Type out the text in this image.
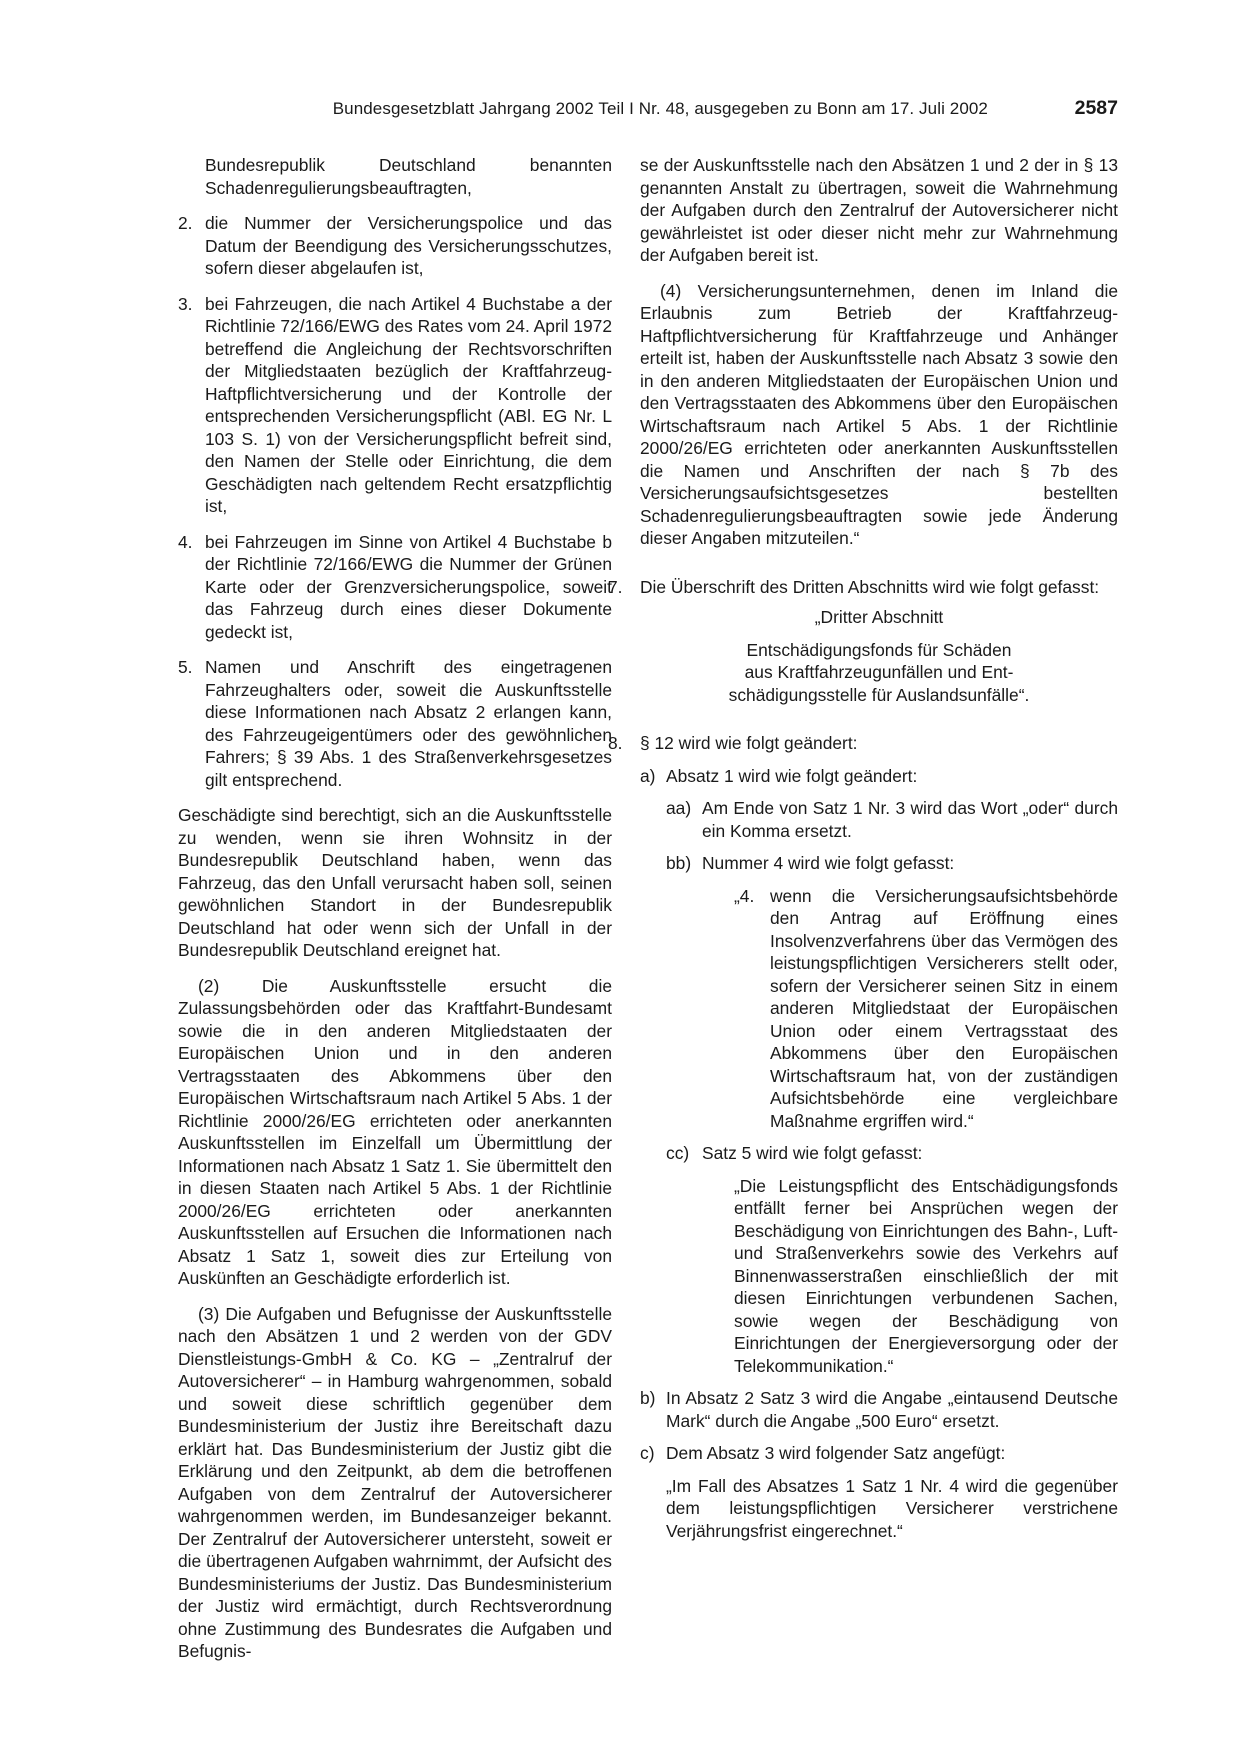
Bundesgesetzblatt Jahrgang 2002 Teil I Nr. 48, ausgegeben zu Bonn am 17. Juli 2002	2587

Bundesrepublik Deutschland benannten Schadenregulierungsbeauftragten,

2. die Nummer der Versicherungspolice und das Datum der Beendigung des Versicherungsschutzes, sofern dieser abgelaufen ist,

3. bei Fahrzeugen, die nach Artikel 4 Buchstabe a der Richtlinie 72/166/EWG des Rates vom 24. April 1972 betreffend die Angleichung der Rechtsvorschriften der Mitgliedstaaten bezüglich der Kraftfahrzeug-Haftpflichtversicherung und der Kontrolle der entsprechenden Versicherungspflicht (ABl. EG Nr. L 103 S. 1) von der Versicherungspflicht befreit sind, den Namen der Stelle oder Einrichtung, die dem Geschädigten nach geltendem Recht ersatzpflichtig ist,

4. bei Fahrzeugen im Sinne von Artikel 4 Buchstabe b der Richtlinie 72/166/EWG die Nummer der Grünen Karte oder der Grenzversicherungspolice, soweit das Fahrzeug durch eines dieser Dokumente gedeckt ist,

5. Namen und Anschrift des eingetragenen Fahrzeughalters oder, soweit die Auskunftsstelle diese Informationen nach Absatz 2 erlangen kann, des Fahrzeugeigentümers oder des gewöhnlichen Fahrers; § 39 Abs. 1 des Straßenverkehrsgesetzes gilt entsprechend.

Geschädigte sind berechtigt, sich an die Auskunftsstelle zu wenden, wenn sie ihren Wohnsitz in der Bundesrepublik Deutschland haben, wenn das Fahrzeug, das den Unfall verursacht haben soll, seinen gewöhnlichen Standort in der Bundesrepublik Deutschland hat oder wenn sich der Unfall in der Bundesrepublik Deutschland ereignet hat.

(2) Die Auskunftsstelle ersucht die Zulassungsbehörden oder das Kraftfahrt-Bundesamt sowie die in den anderen Mitgliedstaaten der Europäischen Union und in den anderen Vertragsstaaten des Abkommens über den Europäischen Wirtschaftsraum nach Artikel 5 Abs. 1 der Richtlinie 2000/26/EG errichteten oder anerkannten Auskunftsstellen im Einzelfall um Übermittlung der Informationen nach Absatz 1 Satz 1. Sie übermittelt den in diesen Staaten nach Artikel 5 Abs. 1 der Richtlinie 2000/26/EG errichteten oder anerkannten Auskunftsstellen auf Ersuchen die Informationen nach Absatz 1 Satz 1, soweit dies zur Erteilung von Auskünften an Geschädigte erforderlich ist.

(3) Die Aufgaben und Befugnisse der Auskunftsstelle nach den Absätzen 1 und 2 werden von der GDV Dienstleistungs-GmbH & Co. KG – „Zentralruf der Autoversicherer“ – in Hamburg wahrgenommen, sobald und soweit diese schriftlich gegenüber dem Bundesministerium der Justiz ihre Bereitschaft dazu erklärt hat. Das Bundesministerium der Justiz gibt die Erklärung und den Zeitpunkt, ab dem die betroffenen Aufgaben von dem Zentralruf der Autoversicherer wahrgenommen werden, im Bundesanzeiger bekannt. Der Zentralruf der Autoversicherer untersteht, soweit er die übertragenen Aufgaben wahrnimmt, der Aufsicht des Bundesministeriums der Justiz. Das Bundesministerium der Justiz wird ermächtigt, durch Rechtsverordnung ohne Zustimmung des Bundesrates die Aufgaben und Befugnis-

se der Auskunftsstelle nach den Absätzen 1 und 2 der in § 13 genannten Anstalt zu übertragen, soweit die Wahrnehmung der Aufgaben durch den Zentralruf der Autoversicherer nicht gewährleistet ist oder dieser nicht mehr zur Wahrnehmung der Aufgaben bereit ist.

(4) Versicherungsunternehmen, denen im Inland die Erlaubnis zum Betrieb der Kraftfahrzeug-Haftpflichtversicherung für Kraftfahrzeuge und Anhänger erteilt ist, haben der Auskunftsstelle nach Absatz 3 sowie den in den anderen Mitgliedstaaten der Europäischen Union und den Vertragsstaaten des Abkommens über den Europäischen Wirtschaftsraum nach Artikel 5 Abs. 1 der Richtlinie 2000/26/EG errichteten oder anerkannten Auskunftsstellen die Namen und Anschriften der nach § 7b des Versicherungsaufsichtsgesetzes bestellten Schadenregulierungsbeauftragten sowie jede Änderung dieser Angaben mitzuteilen.“

7. Die Überschrift des Dritten Abschnitts wird wie folgt gefasst:

„Dritter Abschnitt
Entschädigungsfonds für Schäden
aus Kraftfahrzeugunfällen und Ent-
schädigungsstelle für Auslandsunfälle“.
8. § 12 wird wie folgt geändert:

a) Absatz 1 wird wie folgt geändert:

aa) Am Ende von Satz 1 Nr. 3 wird das Wort „oder“ durch ein Komma ersetzt.

bb) Nummer 4 wird wie folgt gefasst:

„4. wenn die Versicherungsaufsichtsbehörde den Antrag auf Eröffnung eines Insolvenzverfahrens über das Vermögen des leistungspflichtigen Versicherers stellt oder, sofern der Versicherer seinen Sitz in einem anderen Mitgliedstaat der Europäischen Union oder einem Vertragsstaat des Abkommens über den Europäischen Wirtschaftsraum hat, von der zuständigen Aufsichtsbehörde eine vergleichbare Maßnahme ergriffen wird.“

cc) Satz 5 wird wie folgt gefasst:

„Die Leistungspflicht des Entschädigungsfonds entfällt ferner bei Ansprüchen wegen der Beschädigung von Einrichtungen des Bahn-, Luft- und Straßenverkehrs sowie des Verkehrs auf Binnenwasserstraßen einschließlich der mit diesen Einrichtungen verbundenen Sachen, sowie wegen der Beschädigung von Einrichtungen der Energieversorgung oder der Telekommunikation.“

b) In Absatz 2 Satz 3 wird die Angabe „eintausend Deutsche Mark“ durch die Angabe „500 Euro“ ersetzt.

c) Dem Absatz 3 wird folgender Satz angefügt:

„Im Fall des Absatzes 1 Satz 1 Nr. 4 wird die gegenüber dem leistungspflichtigen Versicherer verstrichene Verjährungsfrist eingerechnet.“
